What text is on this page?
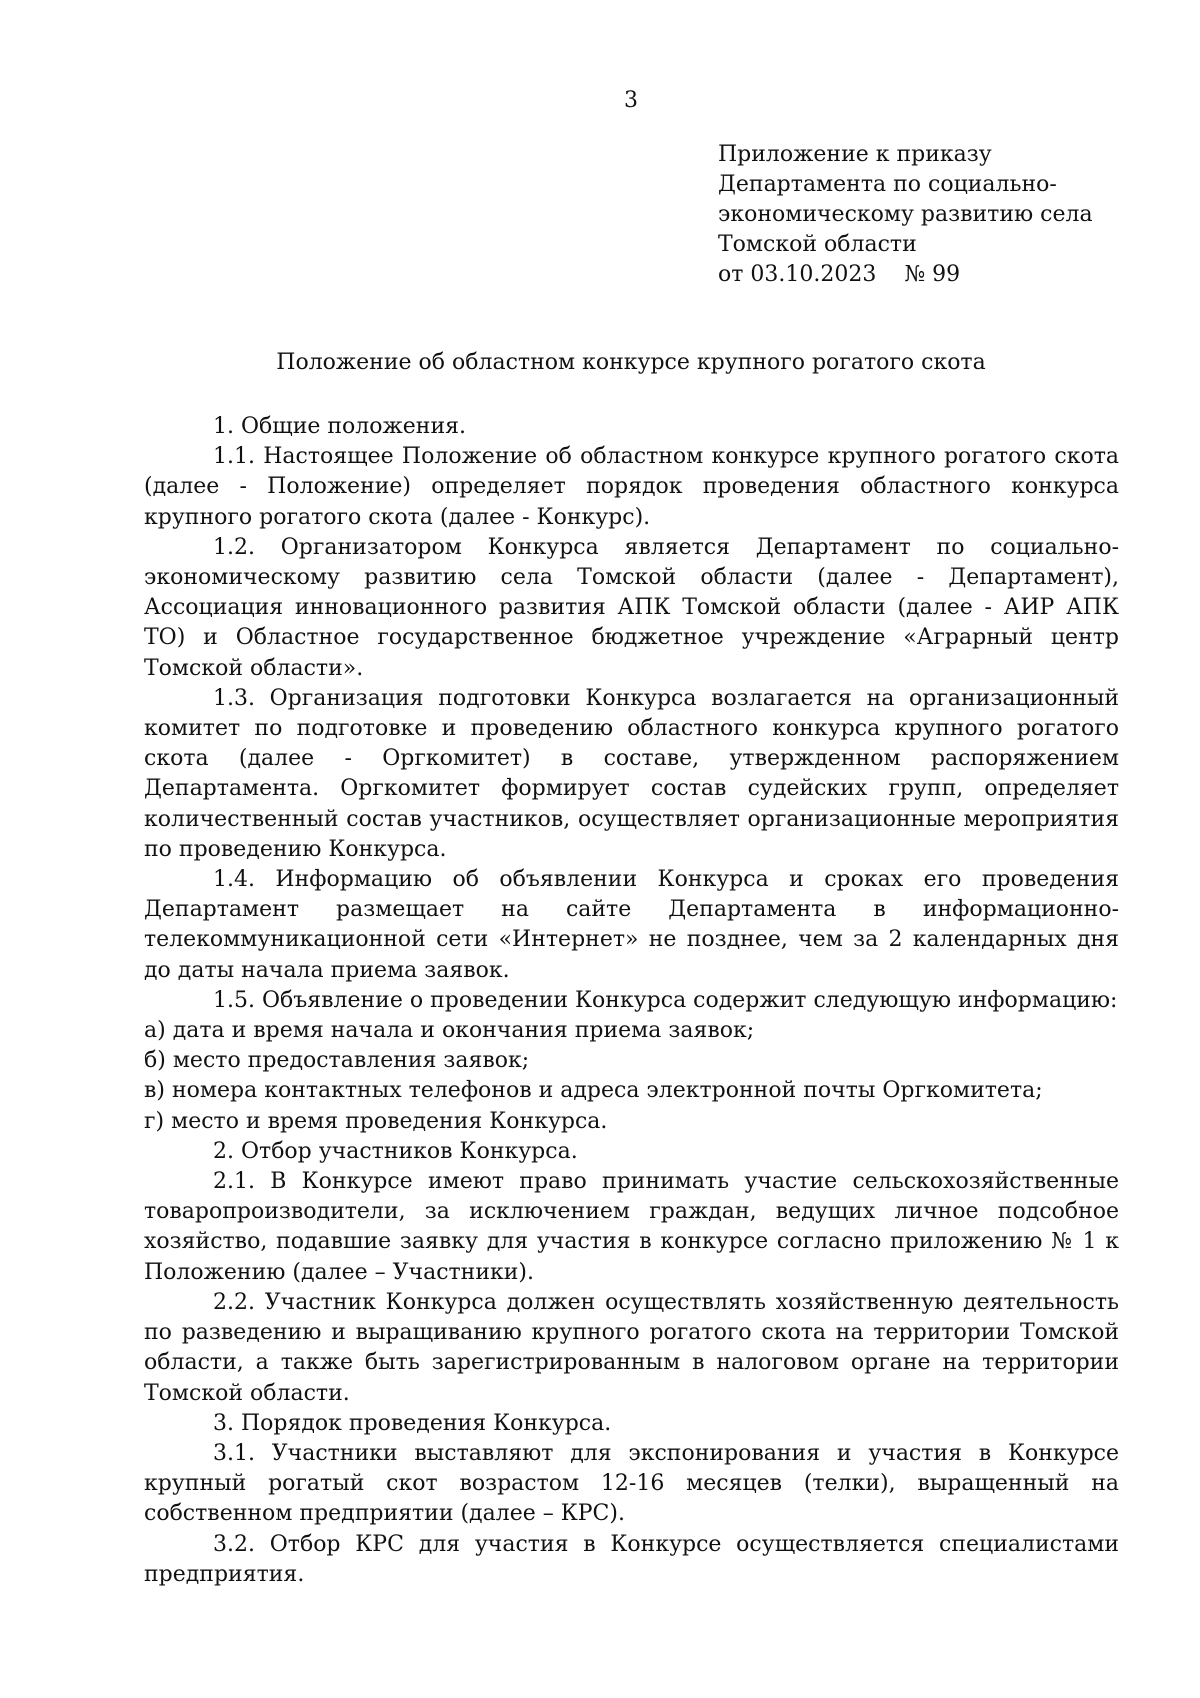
3
Приложение к приказу
Департамента по социально-
экономическому развитию села
Томской области
от 03.10.2023    № 99
Положение об областном конкурсе крупного рогатого скота

1. Общие положения.

1.1. Настоящее Положение об областном конкурсе крупного рогатого скота (далее - Положение) определяет порядок проведения областного конкурса крупного рогатого скота (далее - Конкурс).

1.2. Организатором Конкурса является Департамент по социально-экономическому развитию села Томской области (далее - Департамент), Ассоциация инновационного развития АПК Томской области (далее - АИР АПК ТО) и Областное государственное бюджетное учреждение «Аграрный центр Томской области».

1.3. Организация подготовки Конкурса возлагается на организационный комитет по подготовке и проведению областного конкурса крупного рогатого скота (далее - Оргкомитет) в составе, утвержденном распоряжением Департамента. Оргкомитет формирует состав судейских групп, определяет количественный состав участников, осуществляет организационные мероприятия по проведению Конкурса.

1.4. Информацию об объявлении Конкурса и сроках его проведения Департамент размещает на сайте Департамента в информационно-телекоммуникационной сети «Интернет» не позднее, чем за 2 календарных дня до даты начала приема заявок.

1.5. Объявление о проведении Конкурса содержит следующую информацию:

а) дата и время начала и окончания приема заявок;

б) место предоставления заявок;

в) номера контактных телефонов и адреса электронной почты Оргкомитета;

г) место и время проведения Конкурса.

2. Отбор участников Конкурса.

2.1. В Конкурсе имеют право принимать участие сельскохозяйственные товаропроизводители, за исключением граждан, ведущих личное подсобное хозяйство, подавшие заявку для участия в конкурсе согласно приложению № 1 к Положению (далее – Участники).

2.2. Участник Конкурса должен осуществлять хозяйственную деятельность по разведению и выращиванию крупного рогатого скота на территории Томской области, а также быть зарегистрированным в налоговом органе на территории Томской области.

3. Порядок проведения Конкурса.

3.1. Участники выставляют для экспонирования и участия в Конкурсе крупный рогатый скот возрастом 12-16 месяцев (телки), выращенный на собственном предприятии (далее – КРС).

3.2. Отбор КРС для участия в Конкурсе осуществляется специалистами предприятия.
